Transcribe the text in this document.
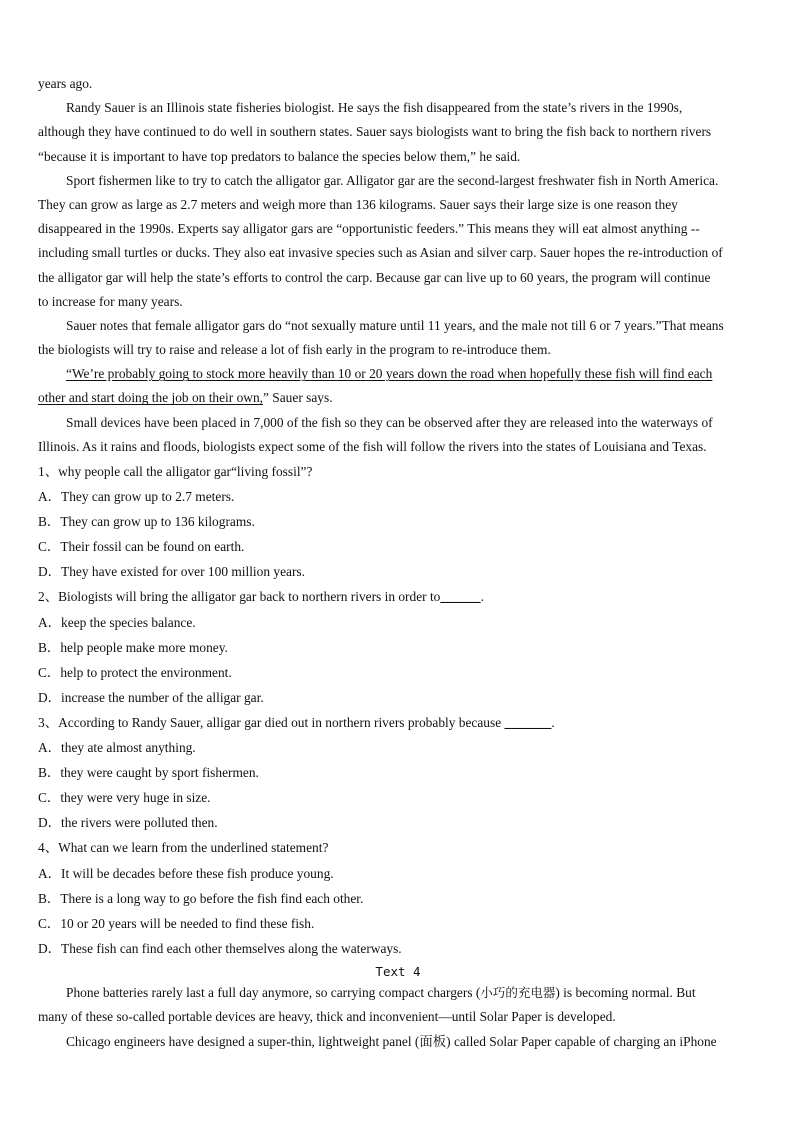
years ago.
Randy Sauer is an Illinois state fisheries biologist. He says the fish disappeared from the state’s rivers in the 1990s,
although they have continued to do well in southern states. Sauer says biologists want to bring the fish back to northern rivers
“because it is important to have top predators to balance the species below them,” he said.
Sport fishermen like to try to catch the alligator gar. Alligator gar are the second-largest freshwater fish in North America.
They can grow as large as 2.7 meters and weigh more than 136 kilograms. Sauer says their large size is one reason they
disappeared in the 1990s. Experts say alligator gars are “opportunistic feeders.” This means they will eat almost anything --
including small turtles or ducks. They also eat invasive species such as Asian and silver carp. Sauer hopes the re-introduction of
the alligator gar will help the state’s efforts to control the carp. Because gar can live up to 60 years, the program will continue
to increase for many years.
Sauer notes that female alligator gars do “not sexually mature until 11 years, and the male not till 6 or 7 years.”That means
the biologists will try to raise and release a lot of fish early in the program to re-introduce them.
“We’re probably going to stock more heavily than 10 or 20 years down the road when hopefully these fish will find each
other and start doing the job on their own,” Sauer says.
Small devices have been placed in 7,000 of the fish so they can be observed after they are released into the waterways of
Illinois. As it rains and floods, biologists expect some of the fish will follow the rivers into the states of Louisiana and Texas.
1、why people call the alligator gar“living fossil”?
A．They can grow up to 2.7 meters.
B．They can grow up to 136 kilograms.
C．Their fossil can be found on earth.
D．They have existed for over 100 million years.
2、Biologists will bring the alligator gar back to northern rivers in order to______.
A．keep the species balance.
B．help people make more money.
C．help to protect the environment.
D．increase the number of the alligar gar.
3、According to Randy Sauer, alligar gar died out in northern rivers probably because _______.
A．they ate almost anything.
B．they were caught by sport fishermen.
C．they were very huge in size.
D．the rivers were polluted then.
4、What can we learn from the underlined statement?
A．It will be decades before these fish produce young.
B．There is a long way to go before the fish find each other.
C．10 or 20 years will be needed to find these fish.
D．These fish can find each other themselves along the waterways.
Text 4
Phone batteries rarely last a full day anymore, so carrying compact chargers (小巧的充电器) is becoming normal. But
many of these so-called portable devices are heavy, thick and inconvenient—until Solar Paper is developed.
Chicago engineers have designed a super-thin, lightweight panel (面板) called Solar Paper capable of charging an iPhone
